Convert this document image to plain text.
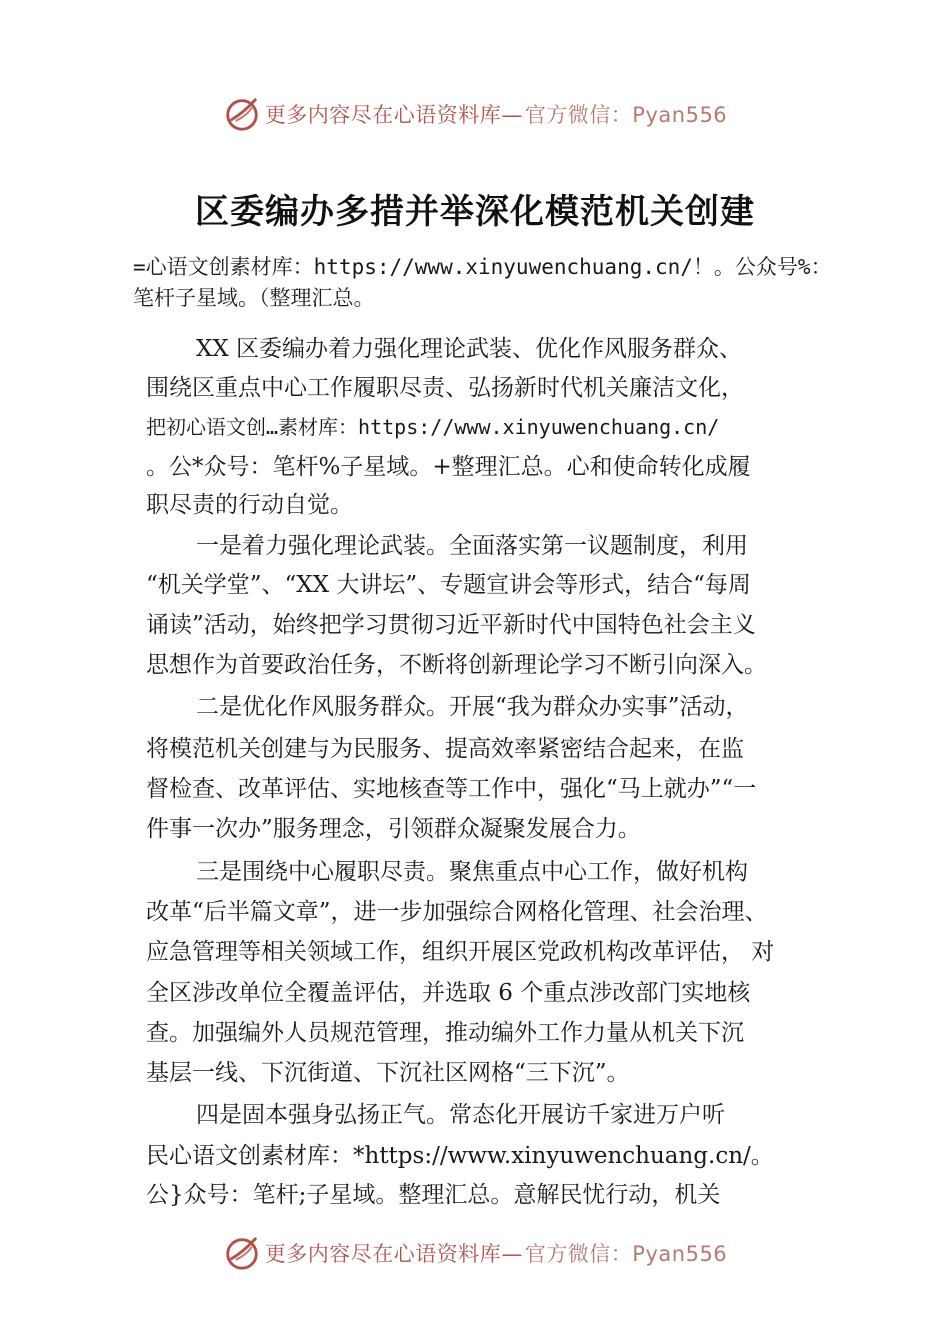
更多内容尽在心语资料库—官方微信：Pyan556
区委编办多措并举深化模范机关创建

=心语文创素材库：https://www.xinyuwenchuang.cn/！。公众号%：笔杆子星域。（整理汇总。

XX 区委编办着力强化理论武装、优化作风服务群众、
围绕区重点中心工作履职尽责、弘扬新时代机关廉洁文化，
把初心语文创…素材库：https://www.xinyuwenchuang.cn/
。公*众号：笔杆%子星域。+整理汇总。心和使命转化成履
职尽责的行动自觉。
一是着力强化理论武装。全面落实第一议题制度，利用
“机关学堂”、“XX 大讲坛”、专题宣讲会等形式，结合“每周
诵读”活动，始终把学习贯彻习近平新时代中国特色社会主义
思想作为首要政治任务，不断将创新理论学习不断引向深入。
二是优化作风服务群众。开展“我为群众办实事”活动，
将模范机关创建与为民服务、提高效率紧密结合起来，在监
督检查、改革评估、实地核查等工作中，强化“马上就办”“一
件事一次办”服务理念，引领群众凝聚发展合力。
三是围绕中心履职尽责。聚焦重点中心工作，做好机构
改革“后半篇文章”，进一步加强综合网格化管理、社会治理、
应急管理等相关领域工作，组织开展区党政机构改革评估， 对
全区涉改单位全覆盖评估，并选取 6 个重点涉改部门实地核
查。加强编外人员规范管理，推动编外工作力量从机关下沉
基层一线、下沉街道、下沉社区网格“三下沉”。
四是固本强身弘扬正气。常态化开展访千家进万户听
民心语文创素材库：*https://www.xinyuwenchuang.cn/。
公}众号：笔杆;子星域。整理汇总。意解民忧行动，机关
更多内容尽在心语资料库—官方微信：Pyan556
